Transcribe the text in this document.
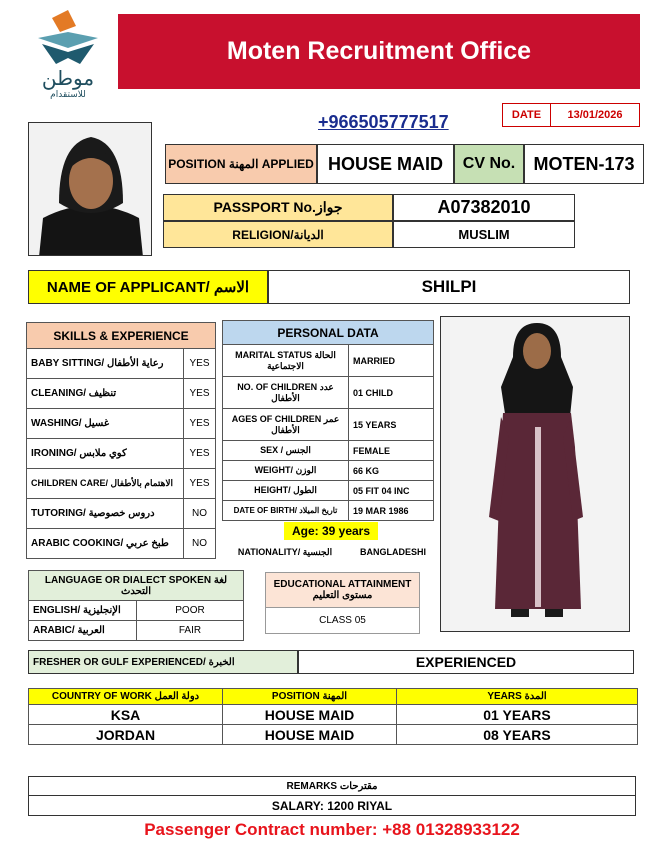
موطن
للاستقدام
Moten Recruitment Office
+966505777517	DATE	13/01/2026
POSITION المهنة APPLIED HOUSE MAID	CV No.	MOTEN-173
PASSPORT No.جواز	A07382010
RELIGION/الديانة	MUSLIM
NAME OF APPLICANT/ الاسم	SHILPI
SKILLS & EXPERIENCE	
BABY SITTING/ رعاية الأطفال	YES
CLEANING/ تنظيف	YES
WASHING/ غسيل	YES
IRONING/ كوي ملابس	YES
CHILDREN CARE/ الاهتمام بالأطفال	YES
TUTORING/ دروس خصوصية	NO
ARABIC COOKING/ طبخ عربي	NO
PERSONAL DATA	
MARITAL STATUS الحالة الاجتماعية	MARRIED
NO. OF CHILDREN عدد الأطفال	01 CHILD
AGES OF CHILDREN عمر الأطفال	15 YEARS
SEX / الجنس	FEMALE
WEIGHT/ الوزن	66 KG
HEIGHT/ الطول	05 FIT 04 INC
DATE OF BIRTH/ تاريخ الميلاد	19 MAR 1986
Age: 39 years
NATIONALITY/ الجنسية	BANGLADESHI
LANGUAGE OR DIALECT SPOKEN لغة التحدث	
ENGLISH/ الإنجليزية	POOR
ARABIC/ العربية	FAIR
EDUCATIONAL ATTAINMENT مستوى التعليم
CLASS 05
FRESHER OR GULF EXPERIENCED/ الخبرة	EXPERIENCED
COUNTRY OF WORK دولة العمل	POSITION المهنة	YEARS المدة
KSA	HOUSE MAID	01 YEARS
JORDAN	HOUSE MAID	08 YEARS
REMARKS مقترحات
SALARY: 1200 RIYAL
Passenger Contract number: +88 01328933122
